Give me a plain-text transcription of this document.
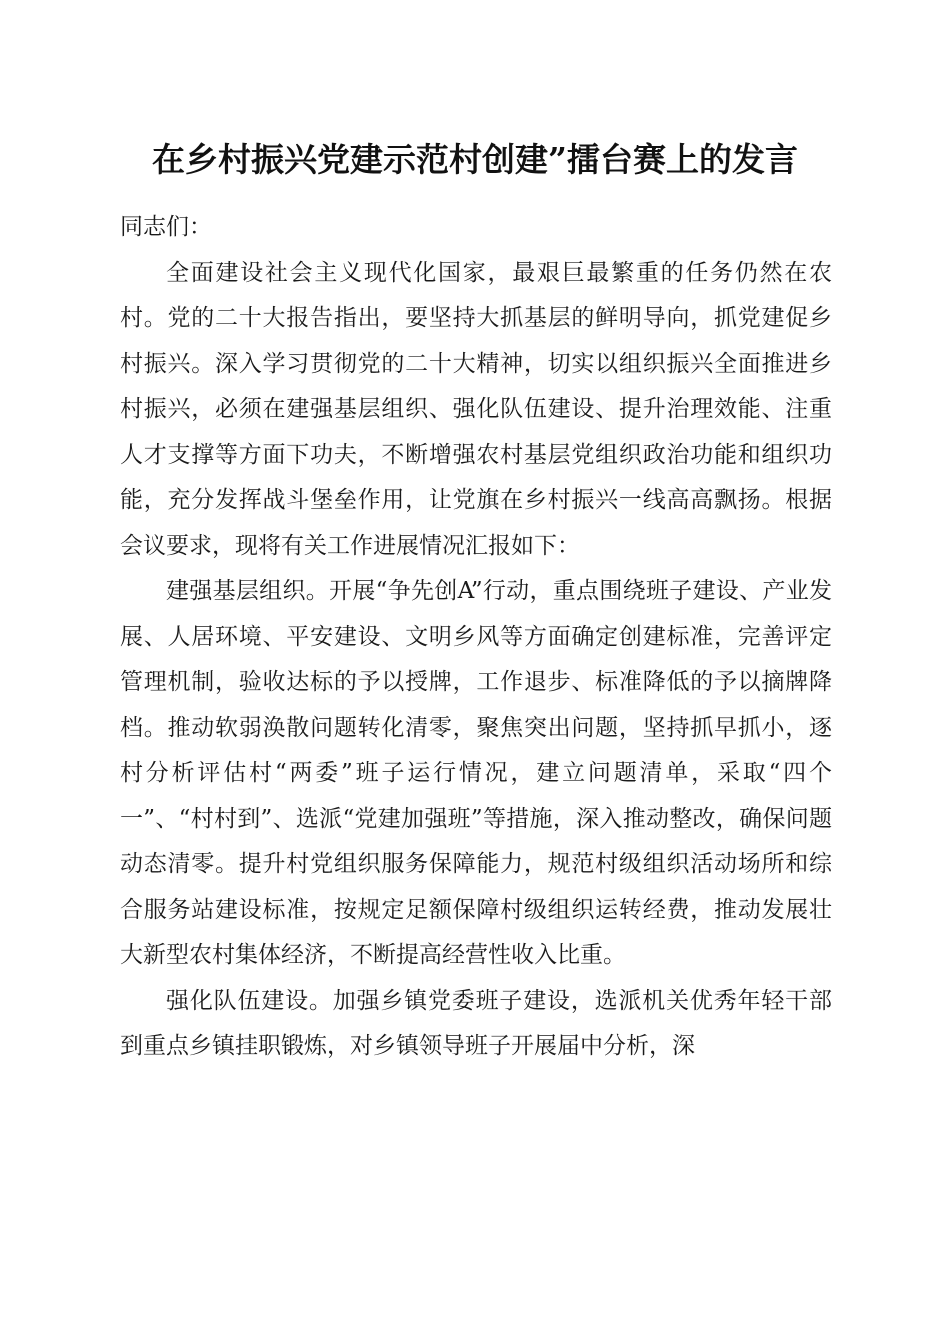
在乡村振兴党建示范村创建”擂台赛上的发言

同志们：

全面建设社会主义现代化国家，最艰巨最繁重的任务仍然在农村。党的二十大报告指出，要坚持大抓基层的鲜明导向，抓党建促乡村振兴。深入学习贯彻党的二十大精神，切实以组织振兴全面推进乡村振兴，必须在建强基层组织、强化队伍建设、提升治理效能、注重人才支撑等方面下功夫，不断增强农村基层党组织政治功能和组织功能，充分发挥战斗堡垒作用，让党旗在乡村振兴一线高高飘扬。根据会议要求，现将有关工作进展情况汇报如下：

建强基层组织。开展“争先创A”行动，重点围绕班子建设、产业发展、人居环境、平安建设、文明乡风等方面确定创建标准，完善评定管理机制，验收达标的予以授牌，工作退步、标准降低的予以摘牌降档。推动软弱涣散问题转化清零，聚焦突出问题，坚持抓早抓小，逐村分析评估村“两委”班子运行情况，建立问题清单，采取“四个一”、“村村到”、选派“党建加强班”等措施，深入推动整改，确保问题动态清零。提升村党组织服务保障能力，规范村级组织活动场所和综合服务站建设标准，按规定足额保障村级组织运转经费，推动发展壮大新型农村集体经济，不断提高经营性收入比重。

强化队伍建设。加强乡镇党委班子建设，选派机关优秀年轻干部到重点乡镇挂职锻炼，对乡镇领导班子开展届中分析，深
